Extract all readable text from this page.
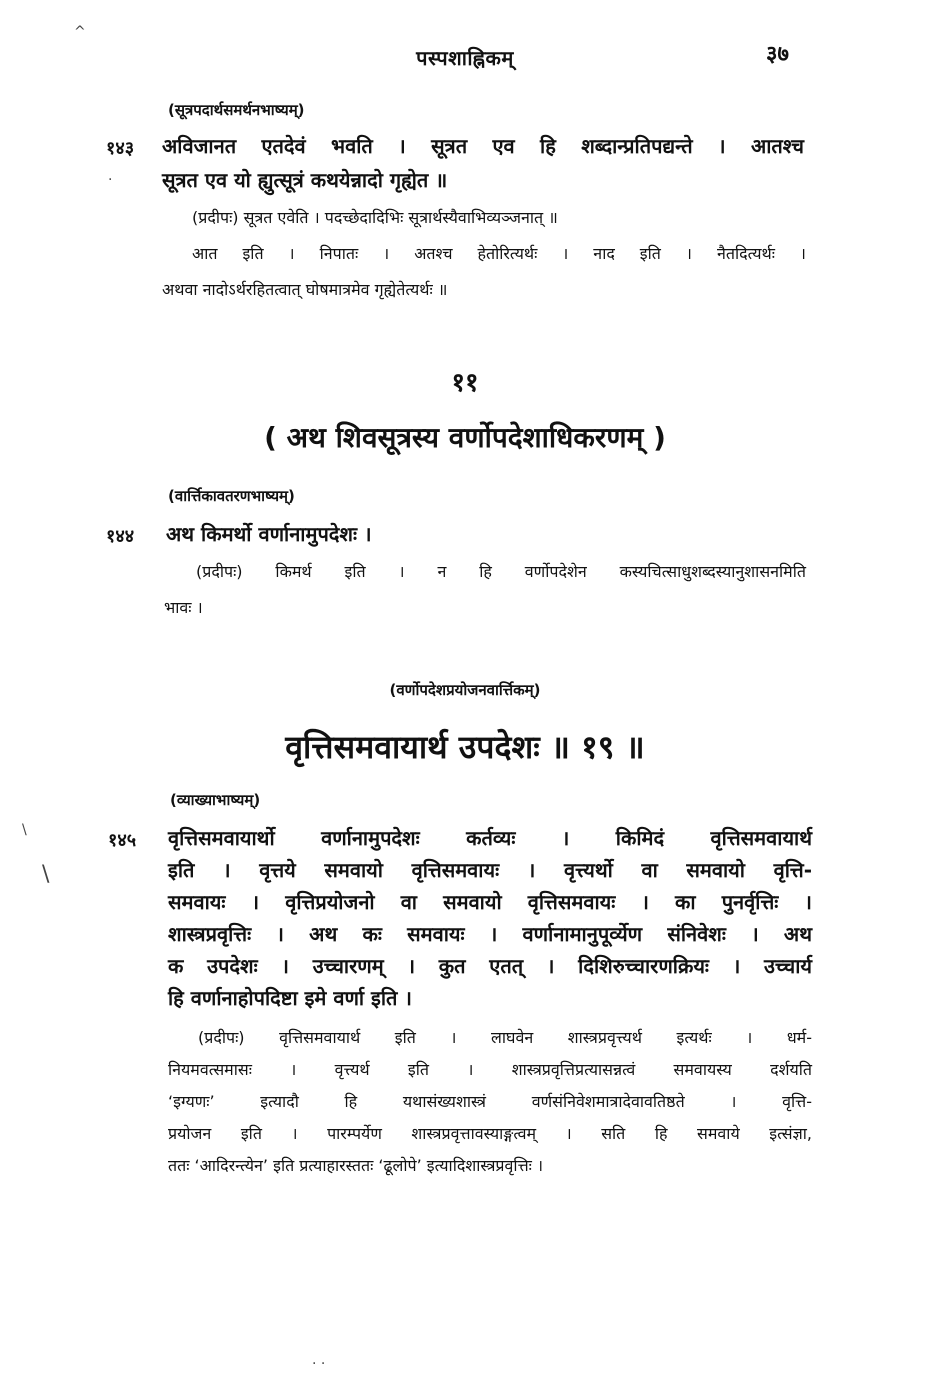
^
·
\
\
· ·
पस्पशाह्निकम्	३७
(सूत्रपदार्थसमर्थनभाष्यम्)
१४३ अविजानत एतदेवं भवति । सूत्रत एव हि शब्दान्प्रतिपद्यन्ते । आतश्च
सूत्रत एव यो ह्युत्सूत्रं कथयेन्नादो गृह्येत ॥
(प्रदीपः) सूत्रत एवेति । पदच्छेदादिभिः सूत्रार्थस्यैवाभिव्यञ्जनात् ॥
आत इति । निपातः । अतश्च हेतोरित्यर्थः । नाद इति । नैतदित्यर्थः ।
अथवा नादोऽर्थरहितत्वात् घोषमात्रमेव गृह्येतेत्यर्थः ॥
११
( अथ शिवसूत्रस्य वर्णोपदेशाधिकरणम् )
(वार्त्तिकावतरणभाष्यम्)
१४४ अथ किमर्थो वर्णानामुपदेशः ।
(प्रदीपः) किमर्थ इति । न हि वर्णोपदेशेन कस्यचित्साधुशब्दस्यानुशासनमिति
भावः ।
(वर्णोपदेशप्रयोजनवार्त्तिकम्)
वृत्तिसमवायार्थ उपदेशः ॥ १९ ॥
(व्याख्याभाष्यम्)
१४५ वृत्तिसमवायार्थो वर्णानामुपदेशः कर्तव्यः । किमिदं वृत्तिसमवायार्थ
इति । वृत्तये समवायो वृत्तिसमवायः । वृत्त्यर्थो वा समवायो वृत्ति-
समवायः । वृत्तिप्रयोजनो वा समवायो वृत्तिसमवायः । का पुनर्वृत्तिः ।
शास्त्रप्रवृत्तिः । अथ कः समवायः । वर्णानामानुपूर्व्येण संनिवेशः । अथ
क उपदेशः । उच्चारणम् । कुत एतत् । दिशिरुच्चारणक्रियः । उच्चार्य
हि वर्णानाहोपदिष्टा इमे वर्णा इति ।
(प्रदीपः) वृत्तिसमवायार्थ इति । लाघवेन शास्त्रप्रवृत्त्यर्थ इत्यर्थः । धर्म-
नियमवत्समासः । वृत्त्यर्थ इति । शास्त्रप्रवृत्तिप्रत्यासन्नत्वं समवायस्य दर्शयति
‘इग्यणः’ इत्यादौ हि यथासंख्यशास्त्रं वर्णसंनिवेशमात्रादेवावतिष्ठते । वृत्ति-
प्रयोजन इति । पारम्पर्येण शास्त्रप्रवृत्तावस्याङ्गत्वम् । सति हि समवाये इत्संज्ञा,
ततः ‘आदिरन्त्येन’ इति प्रत्याहारस्ततः ‘ढूलोपे’ इत्यादिशास्त्रप्रवृत्तिः ।
